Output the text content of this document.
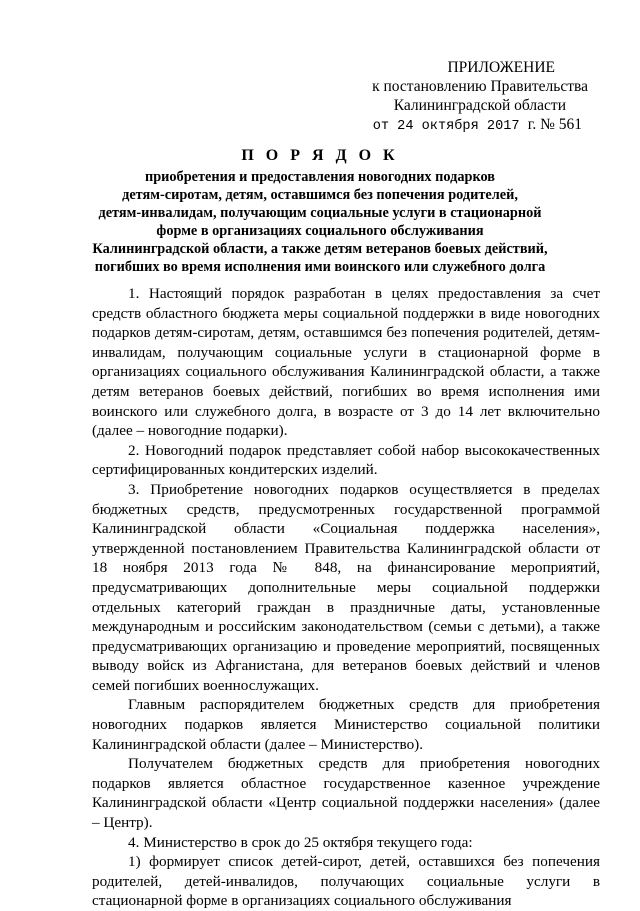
ПРИЛОЖЕНИЕ
к постановлению Правительства
Калининградской области
от 24 октября 2017 г. № 561
П О Р Я Д О К
приобретения и предоставления новогодних подарков
детям-сиротам, детям, оставшимся без попечения родителей,
детям-инвалидам, получающим социальные услуги в стационарной
форме в организациях социального обслуживания
Калининградской области, а также детям ветеранов боевых действий,
погибших во время исполнения ими воинского или служебного долга

1. Настоящий порядок разработан в целях предоставления за счет средств областного бюджета меры социальной поддержки в виде новогодних подарков детям-сиротам, детям, оставшимся без попечения родителей, детям-инвалидам, получающим социальные услуги в стационарной форме в организациях социального обслуживания Калининградской области, а также детям ветеранов боевых действий, погибших во время исполнения ими воинского или служебного долга, в возрасте от 3 до 14 лет включительно (далее – новогодние подарки).

2. Новогодний подарок представляет собой набор высококачественных сертифицированных кондитерских изделий.

3. Приобретение новогодних подарков осуществляется в пределах бюджетных средств, предусмотренных государственной программой Калининградской области «Социальная поддержка населения», утвержденной постановлением Правительства Калининградской области от 18 ноября 2013 года № 848, на финансирование мероприятий, предусматривающих дополнительные меры социальной поддержки отдельных категорий граждан в праздничные даты, установленные международным и российским законодательством (семьи с детьми), а также предусматривающих организацию и проведение мероприятий, посвященных выводу войск из Афганистана, для ветеранов боевых действий и членов семей погибших военнослужащих.

Главным распорядителем бюджетных средств для приобретения новогодних подарков является Министерство социальной политики Калининградской области (далее – Министерство).

Получателем бюджетных средств для приобретения новогодних подарков является областное государственное казенное учреждение Калининградской области «Центр социальной поддержки населения» (далее – Центр).

4. Министерство в срок до 25 октября текущего года:

1) формирует список детей-сирот, детей, оставшихся без попечения родителей, детей-инвалидов, получающих социальные услуги в стационарной форме в организациях социального обслуживания
